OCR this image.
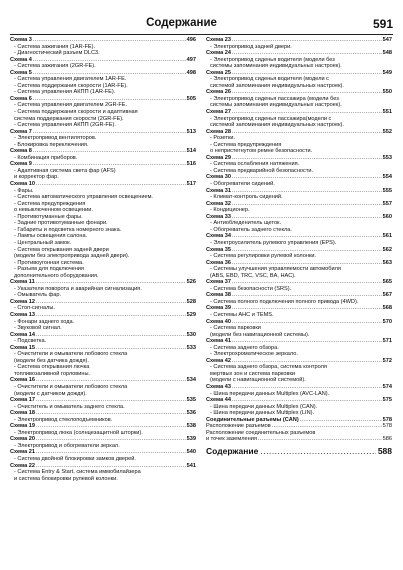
Содержание	591
Схема 3 .....	496
- Система зажигания (1AR-FE).
- Диагностический разъем DLC3.
Схема 4 .....	497
- Система зажигания (2GR-FE).
Схема 5 .....	498
- Система управления двигателем 1AR-FE.
- Система поддержания скорости (1AR-FE).
- Система управления АКПП (1AR-FE).
Схема 6 .....	505
- Система управления двигателем 2GR-FE.
- Система поддержания скорости и адаптивная
система поддержания скорости (2GR-FE).
- Система управления АКПП (2GR-FE).
Схема 7 .....	513
- Электропривод вентиляторов.
- Блокировка переключения.
Схема 8 .....	514
- Комбинация приборов.
Схема 9 .....	516
- Адаптивная система света фар (AFS)
и корректор фар.
Схема 10 .....	517
- Фары.
- Система автоматического управления освещением.
- Система предупреждения
о невыключенном освещении.
- Противотуманные фары.
- Задние противотуманные фонари.
- Габариты и подсветка номерного знака.
- Лампы освещения салона.
- Центральный замок.
- Система открывания задней двери
(модели без электропривода задней двери).
- Противоугонная система.
- Разъем для подключения
дополнительного оборудования.
Схема 11 .....	526
- Указатели поворота и аварийная сигнализация.
- Омыватель фар.
Схема 12 .....	528
- Стоп-сигналы.
Схема 13 .....	529
- Фонари заднего хода.
- Звуковой сигнал.
Схема 14 .....	530
- Подсветка.
Схема 15 .....	533
- Очистители и омыватели лобового стекла
(модели без датчика дождя).
- Система открывания лючка
топливозаливной горловины.
Схема 16 .....	534
- Очистители и омыватели лобового стекла
(модели с датчиком дождя).
Схема 17 .....	535
- Очиститель и омыватель заднего стекла.
Схема 18 .....	536
- Электропривод стеклоподъемников.
Схема 19 .....	538
- Электропривод люка (солнцезащитной шторки).
Схема 20 .....	539
- Электропривод и обогреватели зеркал.
Схема 21 .....	540
- Система двойной блокировки замков дверей.
Схема 22 .....	541
- Система Entry & Start, система иммобилайзера
и система блокировки рулевой колонки.
Схема 23 .....	547
- Электропривод задней двери.
Схема 24 .....	548
- Электропривод сиденья водителя (модели без
системы запоминания индивидуальных настроек).
Схема 25 .....	549
- Электропривод сиденья водителя (модели с
системой запоминания индивидуальных настроек).
Схема 26 .....	550
- Электропривод сиденья пассажира (модели без
системы запоминания индивидуальных настроек).
Схема 27 .....	551
- Электропривод сиденья пассажира(модели с
системой запоминания индивидуальных настроек).
Схема 28 .....	552
- Розетки.
- Система предупреждения
о непристегнутом ремне безопасности.
Схема 29 .....	553
- Система ослабления натяжения.
- Система предварийной безопасности.
Схема 30 .....	554
- Обогреватели сидений.
Схема 31 .....	555
- Климат-контроль сидений.
Схема 32 .....	557
- Кондиционер.
Схема 33 .....	560
- Антиобледенитель щеток.
- Обогреватель заднего стекла.
Схема 34 .....	561
- Электроусилитель рулевого управления (EPS).
Схема 35 .....	562
- Система регулировки рулевой колонки.
Схема 36 .....	563
- Системы улучшения управляемости автомобиля
(ABS, EBD, TRC, VSC, BA, HAC).
Схема 37 .....	565
- Система безопасности (SRS).
Схема 38 .....	567
- Система полного подключения полного привода (4WD).
Схема 39 .....	568
- Системы AHC и TEMS.
Схема 40 .....	570
- Система парковки
(модели без навигационной системы).
Схема 41 .....	571
- Система заднего обзора.
- Электрохроматическое зеркало.
Схема 42 .....	572
- Система заднего обзора, система контроля
мертвых зон и система парковки
(модели с навигационной системой).
Схема 43 .....	574
- Шина передачи данных Multiplex (AVC-LAN).
Схема 44 .....	575
- Шина передачи данных Multiplex (CAN).
- Шина передачи данных Multiplex (LIN).
Соединительные разъемы (CAN) .....	578
Расположение разъемов .....	578
Расположение соединительных разъемов
и точек заземления .....	586
Содержание .....	588
